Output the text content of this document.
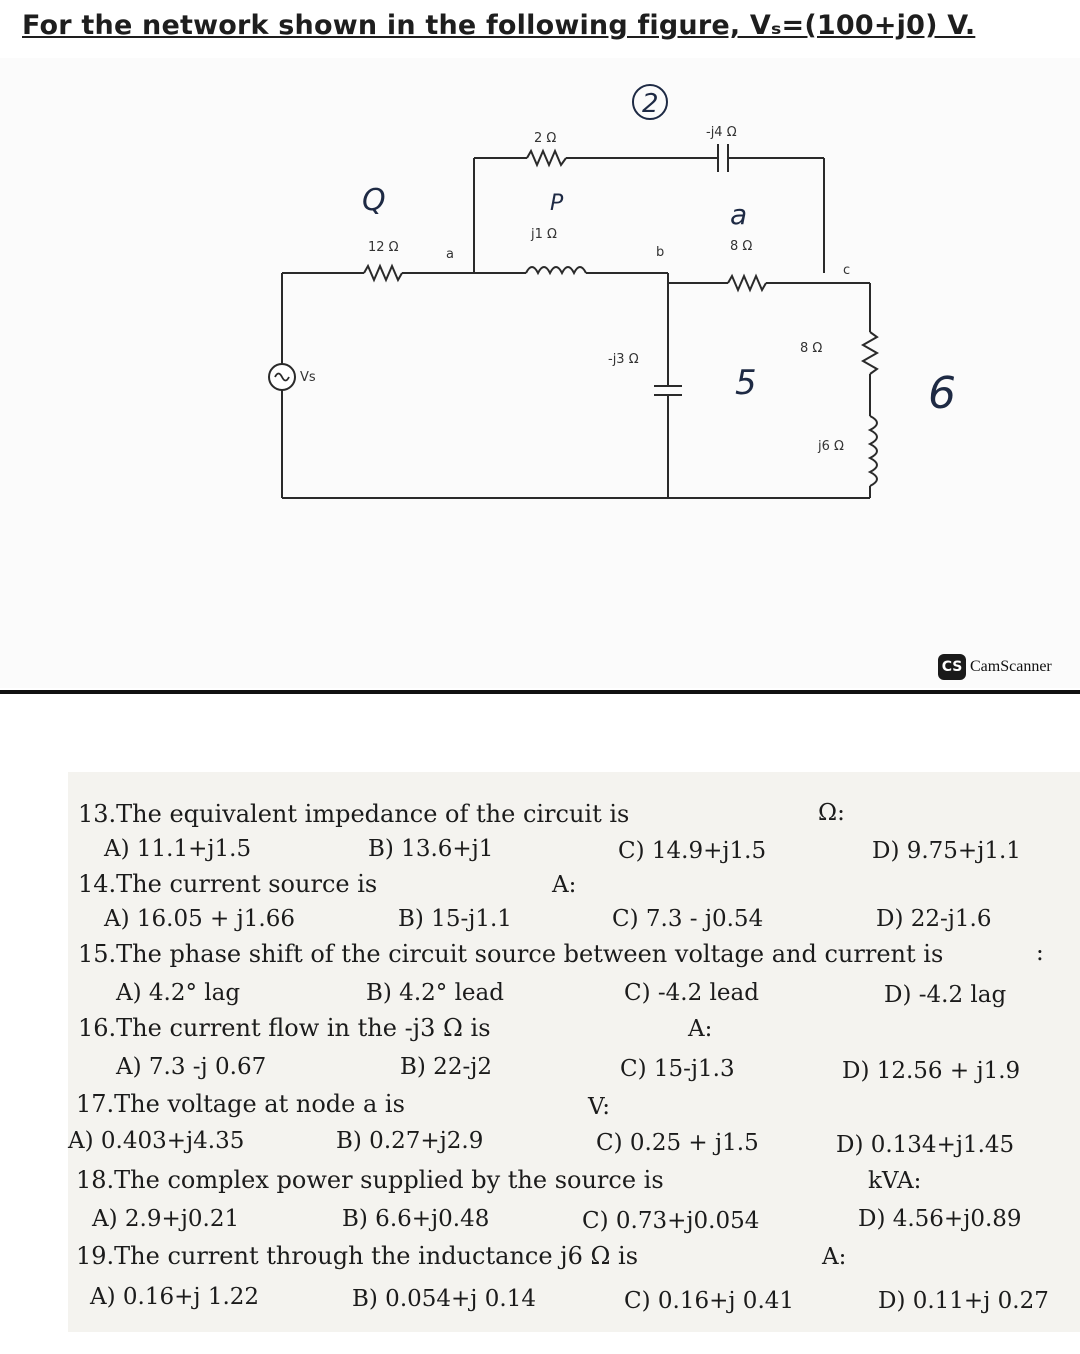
For the network shown in the following figure, Vₛ=(100+j0) V.
2 Ω	-j4 Ω
12 Ω
j1 Ω
8 Ω
-j3 Ω
8 Ω
j6 Ω
Vs
a	b
c
2
Q	P	a
5	6
CS CamScanner
13.The equivalent impedance of the circuit is	Ω:
A) 11.1+j1.5	B) 13.6+j1	C) 14.9+j1.5	D) 9.75+j1.1
14.The current source is	A:
A) 16.05 + j1.66	B) 15-j1.1	C) 7.3 - j0.54	D) 22-j1.6
15.The phase shift of the circuit source between voltage and current is	:
A) 4.2° lag	B) 4.2° lead	C) -4.2 lead	D) -4.2 lag
16.The current flow in the -j3 Ω is	A:
A) 7.3 -j 0.67	B) 22-j2	C) 15-j1.3	D) 12.56 + j1.9
17.The voltage at node a is	V:
A) 0.403+j4.35	B) 0.27+j2.9	C) 0.25 + j1.5	D) 0.134+j1.45
18.The complex power supplied by the source is	kVA:
A) 2.9+j0.21	B) 6.6+j0.48	C) 0.73+j0.054	D) 4.56+j0.89
19.The current through the inductance j6 Ω is	A:
A) 0.16+j 1.22	B) 0.054+j 0.14	C) 0.16+j 0.41	D) 0.11+j 0.27
